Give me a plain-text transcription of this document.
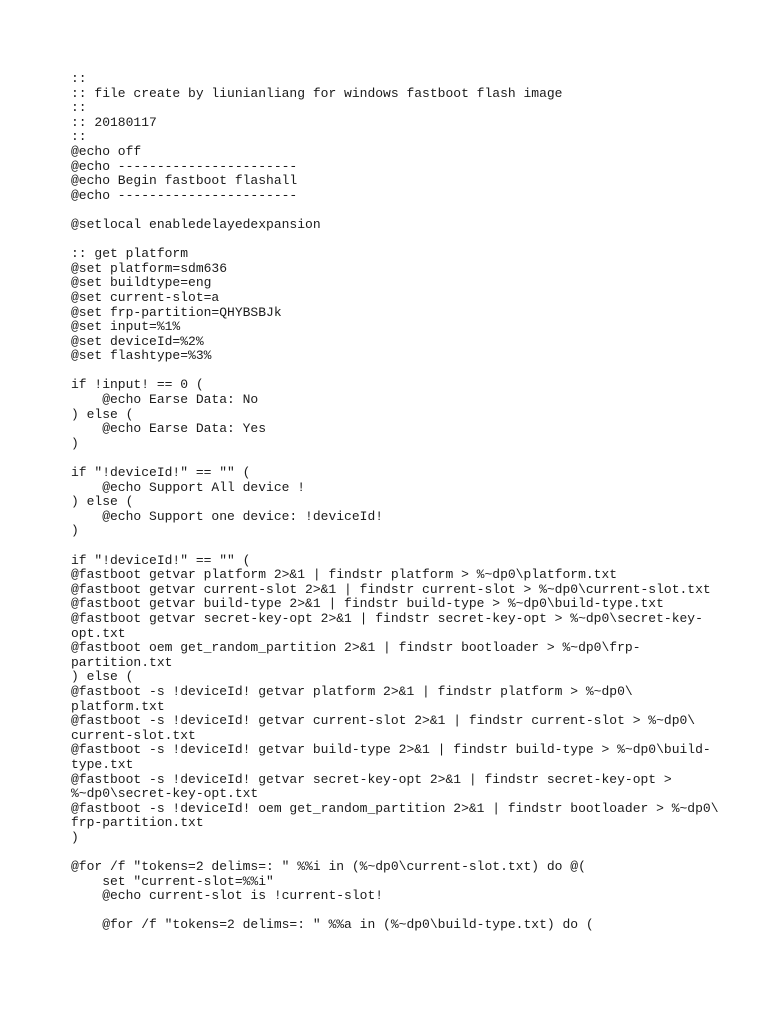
::
:: file create by liunianliang for windows fastboot flash image
::
:: 20180117
::
@echo off
@echo -----------------------
@echo Begin fastboot flashall
@echo -----------------------
@setlocal enabledelayedexpansion
:: get platform
@set platform=sdm636
@set buildtype=eng
@set current-slot=a
@set frp-partition=QHYBSBJk
@set input=%1%
@set deviceId=%2%
@set flashtype=%3%
if !input! == 0 (
@echo Earse Data: No
) else (
@echo Earse Data: Yes
)
if "!deviceId!" == "" (
@echo Support All device !
) else (
@echo Support one device: !deviceId!
)
if "!deviceId!" == "" (
@fastboot getvar platform 2>&1 | findstr platform > %~dp0\platform.txt
@fastboot getvar current-slot 2>&1 | findstr current-slot > %~dp0\current-slot.txt
@fastboot getvar build-type 2>&1 | findstr build-type > %~dp0\build-type.txt
@fastboot getvar secret-key-opt 2>&1 | findstr secret-key-opt > %~dp0\secret-key-
opt.txt
@fastboot oem get_random_partition 2>&1 | findstr bootloader > %~dp0\frp-
partition.txt
) else (
@fastboot -s !deviceId! getvar platform 2>&1 | findstr platform > %~dp0\
platform.txt
@fastboot -s !deviceId! getvar current-slot 2>&1 | findstr current-slot > %~dp0\
current-slot.txt
@fastboot -s !deviceId! getvar build-type 2>&1 | findstr build-type > %~dp0\build-
type.txt
@fastboot -s !deviceId! getvar secret-key-opt 2>&1 | findstr secret-key-opt >
%~dp0\secret-key-opt.txt
@fastboot -s !deviceId! oem get_random_partition 2>&1 | findstr bootloader > %~dp0\
frp-partition.txt
)
@for /f "tokens=2 delims=: " %%i in (%~dp0\current-slot.txt) do @(
set "current-slot=%%i"
@echo current-slot is !current-slot!
@for /f "tokens=2 delims=: " %%a in (%~dp0\build-type.txt) do (
